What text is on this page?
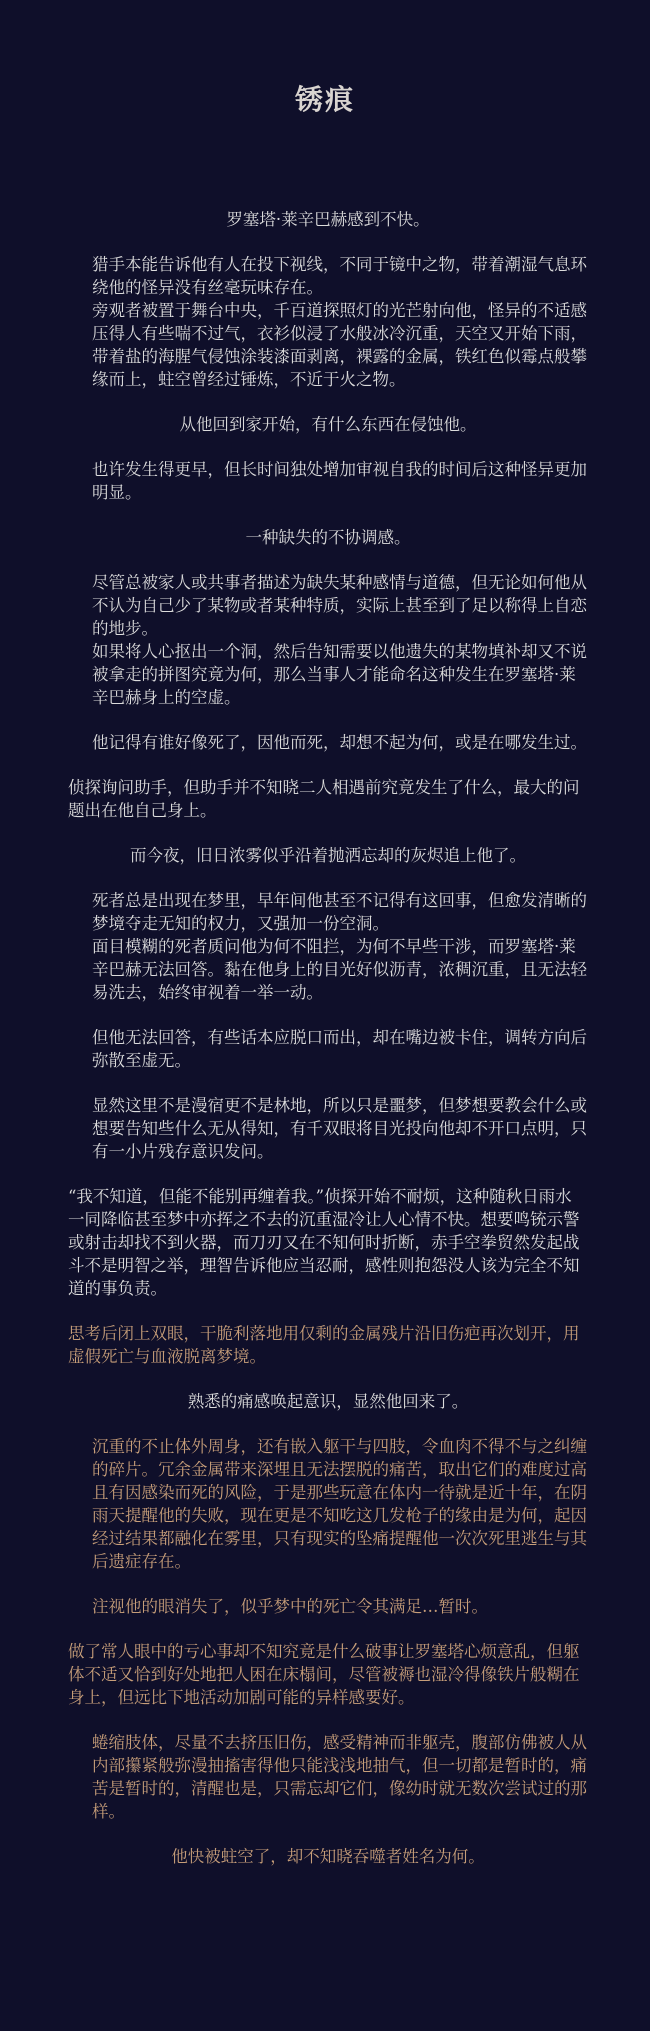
锈痕
罗塞塔·莱辛巴赫感到不快。
猎手本能告诉他有人在投下视线，不同于镜中之物，带着潮湿气息环绕他的怪异没有丝毫玩味存在。
旁观者被置于舞台中央，千百道探照灯的光芒射向他，怪异的不适感压得人有些喘不过气，衣衫似浸了水般冰冷沉重，天空又开始下雨，带着盐的海腥气侵蚀涂装漆面剥离，裸露的金属，铁红色似霉点般攀缘而上，蛀空曾经过锤炼，不近于火之物。
从他回到家开始，有什么东西在侵蚀他。
也许发生得更早，但长时间独处增加审视自我的时间后这种怪异更加明显。
一种缺失的不协调感。
尽管总被家人或共事者描述为缺失某种感情与道德，但无论如何他从不认为自己少了某物或者某种特质，实际上甚至到了足以称得上自恋的地步。
如果将人心抠出一个洞，然后告知需要以他遗失的某物填补却又不说被拿走的拼图究竟为何，那么当事人才能命名这种发生在罗塞塔·莱辛巴赫身上的空虚。
他记得有谁好像死了，因他而死，却想不起为何，或是在哪发生过。
侦探询问助手，但助手并不知晓二人相遇前究竟发生了什么，最大的问题出在他自己身上。
而今夜，旧日浓雾似乎沿着抛洒忘却的灰烬追上他了。
死者总是出现在梦里，早年间他甚至不记得有这回事，但愈发清晰的梦境夺走无知的权力，又强加一份空洞。
面目模糊的死者质问他为何不阻拦，为何不早些干涉，而罗塞塔·莱辛巴赫无法回答。黏在他身上的目光好似沥青，浓稠沉重，且无法轻易洗去，始终审视着一举一动。
但他无法回答，有些话本应脱口而出，却在嘴边被卡住，调转方向后弥散至虚无。
显然这里不是漫宿更不是林地，所以只是噩梦，但梦想要教会什么或想要告知些什么无从得知，有千双眼将目光投向他却不开口点明，只有一小片残存意识发问。
“我不知道，但能不能别再缠着我。”侦探开始不耐烦，这种随秋日雨水一同降临甚至梦中亦挥之不去的沉重湿冷让人心情不快。想要鸣铳示警或射击却找不到火器，而刀刃又在不知何时折断，赤手空拳贸然发起战斗不是明智之举，理智告诉他应当忍耐，感性则抱怨没人该为完全不知道的事负责。
思考后闭上双眼，干脆利落地用仅剩的金属残片沿旧伤疤再次划开，用虚假死亡与血液脱离梦境。
熟悉的痛感唤起意识，显然他回来了。
沉重的不止体外周身，还有嵌入躯干与四肢，令血肉不得不与之纠缠的碎片。冗余金属带来深埋且无法摆脱的痛苦，取出它们的难度过高且有因感染而死的风险，于是那些玩意在体内一待就是近十年，在阴雨天提醒他的失败，现在更是不知吃这几发枪子的缘由是为何，起因经过结果都融化在雾里，只有现实的坠痛提醒他一次次死里逃生与其后遗症存在。
注视他的眼消失了，似乎梦中的死亡令其满足…暂时。
做了常人眼中的亏心事却不知究竟是什么破事让罗塞塔心烦意乱，但躯体不适又恰到好处地把人困在床榻间，尽管被褥也湿冷得像铁片般糊在身上，但远比下地活动加剧可能的异样感要好。
蜷缩肢体，尽量不去挤压旧伤，感受精神而非躯壳，腹部仿佛被人从内部攥紧般弥漫抽搐害得他只能浅浅地抽气，但一切都是暂时的，痛苦是暂时的，清醒也是，只需忘却它们，像幼时就无数次尝试过的那样。
他快被蛀空了，却不知晓吞噬者姓名为何。
